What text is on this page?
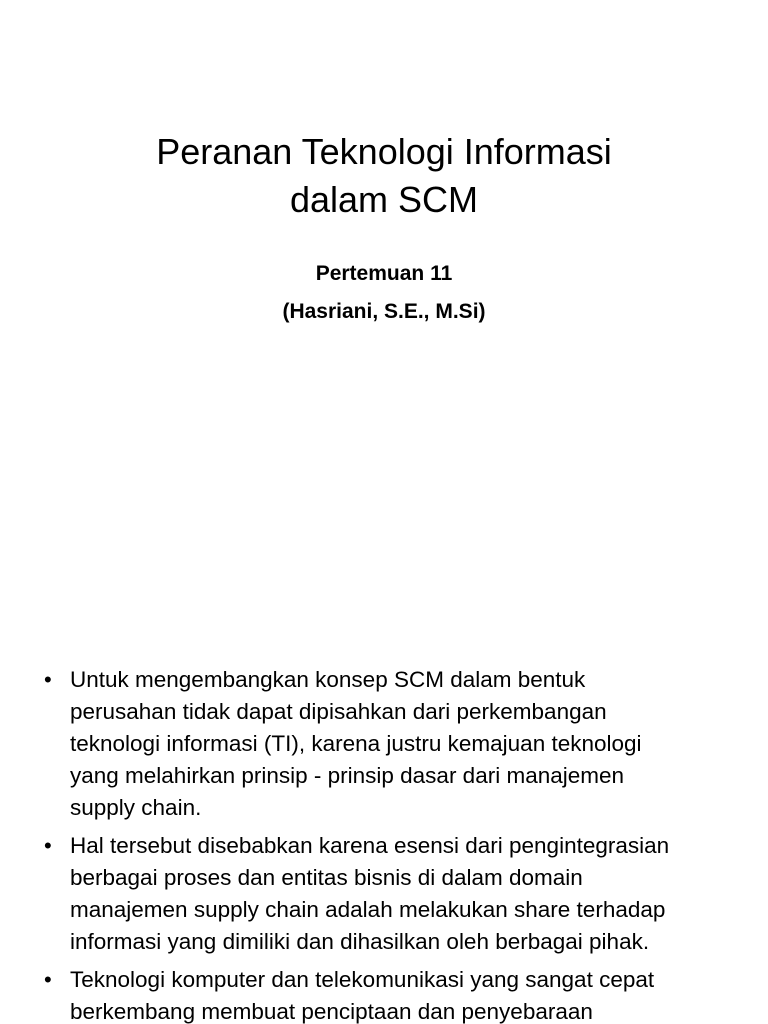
Peranan Teknologi Informasi
dalam SCM
Pertemuan 11
(Hasriani, S.E., M.Si)
• Untuk mengembangkan konsep SCM dalam bentuk
perusahan tidak dapat dipisahkan dari perkembangan
teknologi informasi (TI), karena justru kemajuan teknologi
yang melahirkan prinsip - prinsip dasar dari manajemen
supply chain.
• Hal tersebut disebabkan karena esensi dari pengintegrasian
berbagai proses dan entitas bisnis di dalam domain
manajemen supply chain adalah melakukan share terhadap
informasi yang dimiliki dan dihasilkan oleh berbagai pihak.
• Teknologi komputer dan telekomunikasi yang sangat cepat
berkembang membuat penciptaan dan penyebaraan
